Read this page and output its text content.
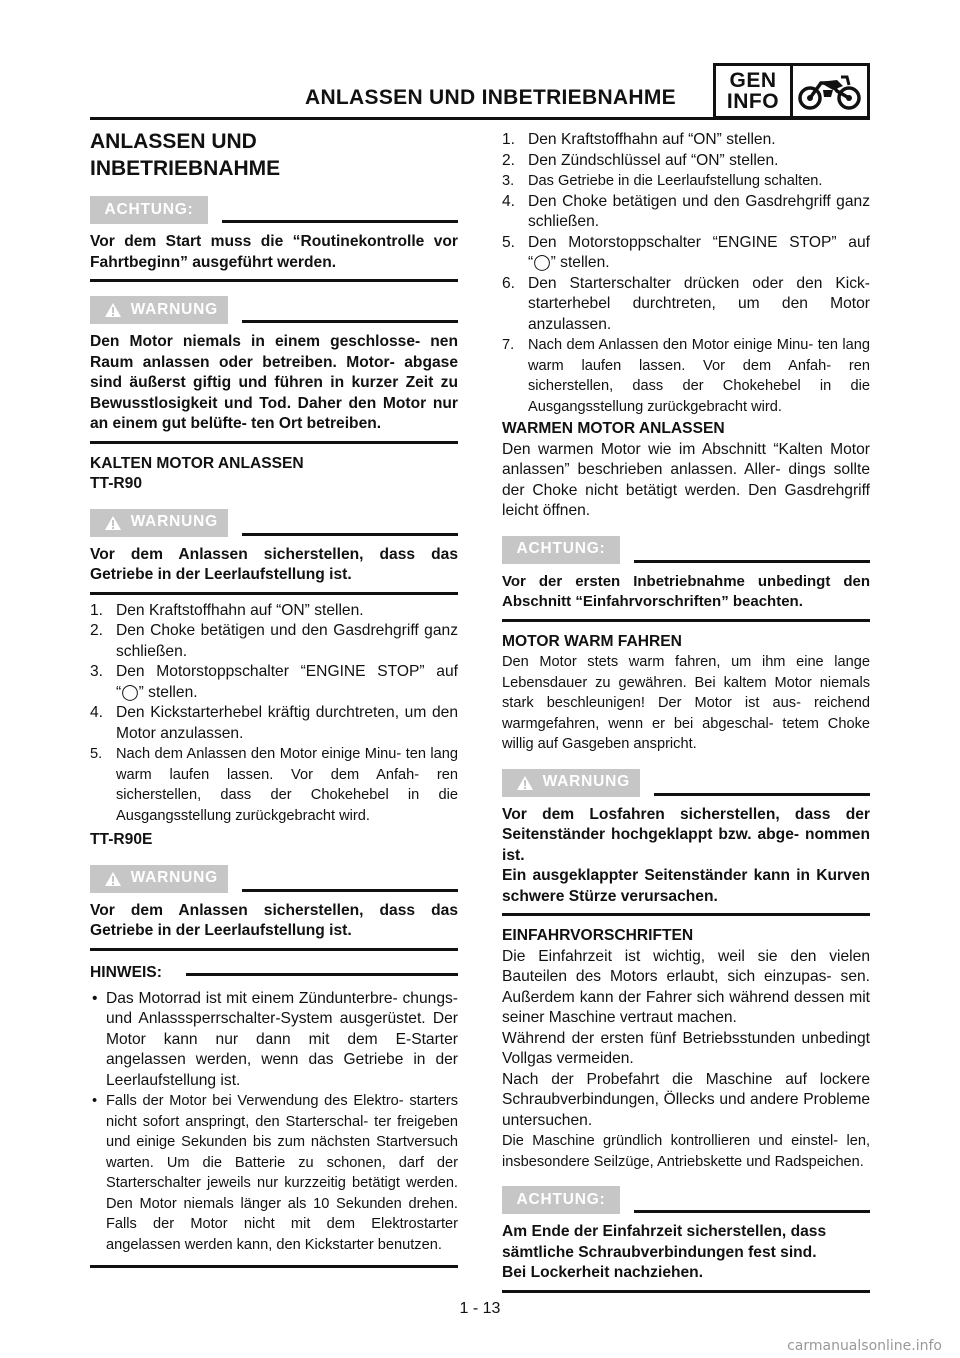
ANLASSEN UND INBETRIEBNAHME
GEN
INFO
ANLASSEN UND
INBETRIEBNAHME
ACHTUNG:
Vor dem Start muss die “Routinekontrolle vor Fahrtbeginn” ausgeführt werden.
WARNUNG
Den Motor niemals in einem geschlosse- nen Raum anlassen oder betreiben. Motor- abgase sind äußerst giftig und führen in kurzer Zeit zu Bewusstlosigkeit und Tod. Daher den Motor nur an einem gut belüfte- ten Ort betreiben.
KALTEN MOTOR ANLASSEN
TT-R90
WARNUNG
Vor dem Anlassen sicherstellen, dass das Getriebe in der Leerlaufstellung ist.
1. Den Kraftstoffhahn auf “ON” stellen.
2. Den Choke betätigen und den Gasdrehgriff ganz schließen.
3. Den Motorstoppschalter “ENGINE STOP” auf “◯” stellen.
4. Den Kickstarterhebel kräftig durchtreten, um den Motor anzulassen.
5. Nach dem Anlassen den Motor einige Minu- ten lang warm laufen lassen. Vor dem Anfah- ren sicherstellen, dass der Chokehebel in die Ausgangsstellung zurückgebracht wird.
TT-R90E
WARNUNG
Vor dem Anlassen sicherstellen, dass das Getriebe in der Leerlaufstellung ist.
HINWEIS:
• Das Motorrad ist mit einem Zündunterbre- chungs- und Anlasssperrschalter-System ausgerüstet. Der Motor kann nur dann mit dem E-Starter angelassen werden, wenn das Getriebe in der Leerlaufstellung ist.
• Falls der Motor bei Verwendung des Elektro- starters nicht sofort anspringt, den Starterschal- ter freigeben und einige Sekunden bis zum nächsten Startversuch warten. Um die Batterie zu schonen, darf der Starterschalter jeweils nur kurzzeitig betätigt werden. Den Motor niemals länger als 10 Sekunden drehen. Falls der Motor nicht mit dem Elektrostarter angelassen werden kann, den Kickstarter benutzen.
1. Den Kraftstoffhahn auf “ON” stellen.
2. Den Zündschlüssel auf “ON” stellen.
3. Das Getriebe in die Leerlaufstellung schalten.
4. Den Choke betätigen und den Gasdrehgriff ganz schließen.
5. Den Motorstoppschalter “ENGINE STOP” auf “◯” stellen.
6. Den Starterschalter drücken oder den Kick- starterhebel durchtreten, um den Motor anzulassen.
7. Nach dem Anlassen den Motor einige Minu- ten lang warm laufen lassen. Vor dem Anfah- ren sicherstellen, dass der Chokehebel in die Ausgangsstellung zurückgebracht wird.
WARMEN MOTOR ANLASSEN
Den warmen Motor wie im Abschnitt “Kalten Motor anlassen” beschrieben anlassen. Aller- dings sollte der Choke nicht betätigt werden. Den Gasdrehgriff leicht öffnen.
ACHTUNG:
Vor der ersten Inbetriebnahme unbedingt den Abschnitt “Einfahrvorschriften” beachten.
MOTOR WARM FAHREN
Den Motor stets warm fahren, um ihm eine lange Lebensdauer zu gewähren. Bei kaltem Motor niemals stark beschleunigen! Der Motor ist aus- reichend warmgefahren, wenn er bei abgeschal- tetem Choke willig auf Gasgeben anspricht.
WARNUNG
Vor dem Losfahren sicherstellen, dass der Seitenständer hochgeklappt bzw. abge- nommen ist.
Ein ausgeklappter Seitenständer kann in Kurven schwere Stürze verursachen.
EINFAHRVORSCHRIFTEN
Die Einfahrzeit ist wichtig, weil sie den vielen Bauteilen des Motors erlaubt, sich einzupas- sen. Außerdem kann der Fahrer sich während dessen mit seiner Maschine vertraut machen.
Während der ersten fünf Betriebsstunden unbedingt Vollgas vermeiden.
Nach der Probefahrt die Maschine auf lockere Schraubverbindungen, Öllecks und andere Probleme untersuchen.
Die Maschine gründlich kontrollieren und einstel- len, insbesondere Seilzüge, Antriebskette und Radspeichen.
ACHTUNG:
Am Ende der Einfahrzeit sicherstellen, dass
sämtliche Schraubverbindungen fest sind.
Bei Lockerheit nachziehen.
1 - 13
carmanualsonline.info
